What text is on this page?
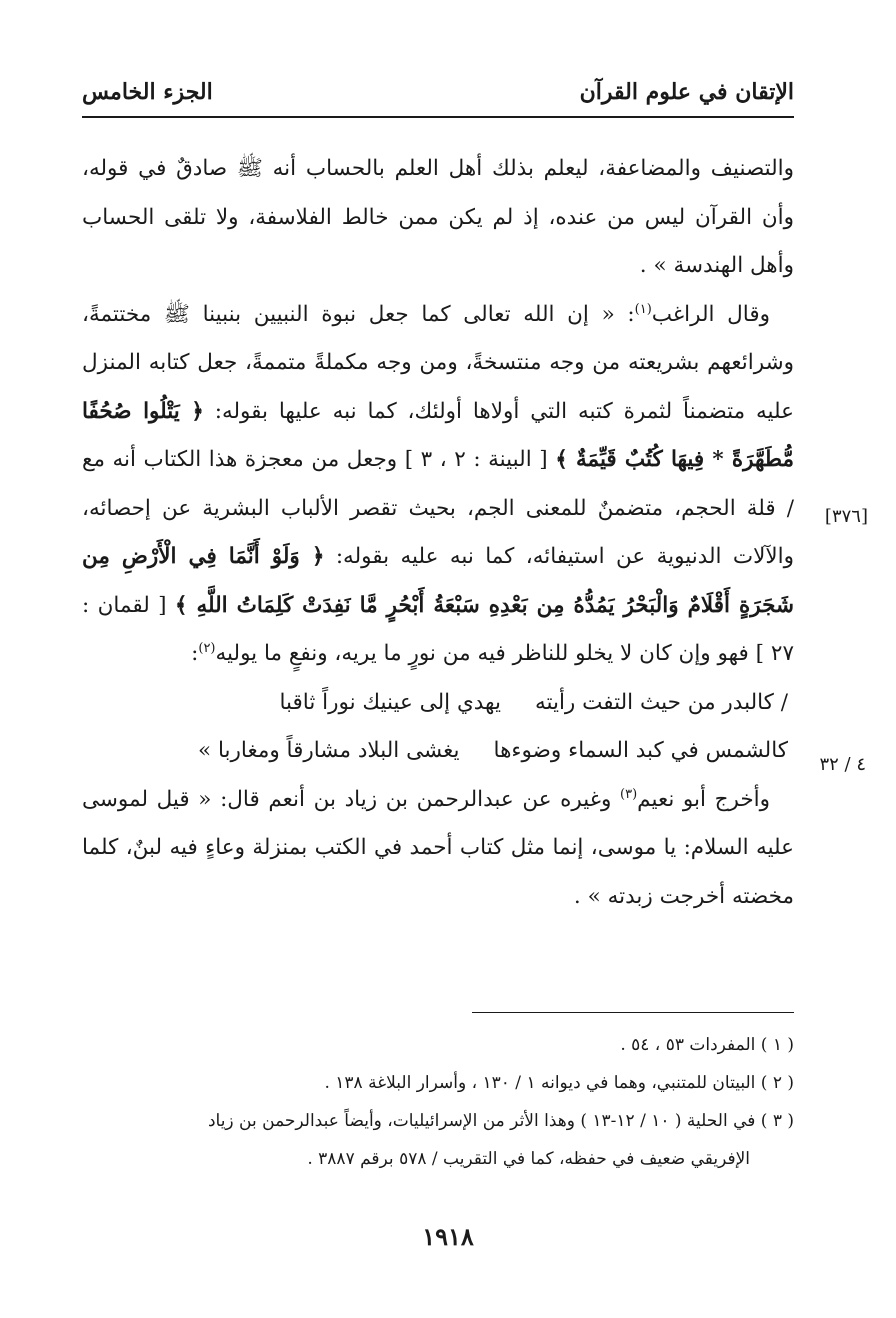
الإتقان في علوم القرآن
الجزء الخامس

والتصنيف والمضاعفة، ليعلم بذلك أهل العلم بالحساب أنه ﷺ صادقٌ في قوله، وأن القرآن ليس من عنده، إذ لم يكن ممن خالط الفلاسفة، ولا تلقى الحساب وأهل الهندسة » .

وقال الراغب$^{(١)}$: « إن الله تعالى كما جعل نبوة النبيين بنبينا ﷺ مختتمةً، وشرائعهم بشريعته من وجه منتسخةً، ومن وجه مكملةً متممةً، جعل كتابه المنزل عليه متضمناً لثمرة كتبه التي أولاها أولئك، كما نبه عليها بقوله: ﴿ يَتْلُوا صُحُفًا مُّطَهَّرَةً * فِيهَا كُتُبٌ قَيِّمَةٌ ﴾ [ البينة : ٢ ، ٣ ] وجعل من معجزة هذا الكتاب أنه مع / قلة الحجم، متضمنٌ للمعنى الجم، بحيث تقصر الألباب البشرية عن إحصائه، والآلات الدنيوية عن استيفائه، كما نبه عليه بقوله: ﴿ وَلَوْ أَنَّمَا فِي الْأَرْضِ مِن شَجَرَةٍ أَقْلَامٌ وَالْبَحْرُ يَمُدُّهُ مِن بَعْدِهِ سَبْعَةُ أَبْحُرٍ مَّا نَفِدَتْ كَلِمَاتُ اللَّهِ ﴾ [ لقمان : ٢٧ ] فهو وإن كان لا يخلو للناظر فيه من نورٍ ما يريه، ونفعٍ ما يوليه$^{(٢)}$:

/ كالبدر من حيث التفت رأيته
يهدي إلى عينيك نوراً ثاقبا
كالشمس في كبد السماء وضوءها
يغشى البلاد مشارقاً ومغاربا »

وأخرج أبو نعيم$^{(٣)}$ وغيره عن عبدالرحمن بن زياد بن أنعم قال: « قيل لموسى عليه السلام: يا موسى، إنما مثل كتاب أحمد في الكتب بمنزلة وعاءٍ فيه لبنٌ، كلما مخضته أخرجت زبدته » .

[٣٧٦]
٤ / ٣٢

( ١ ) المفردات ٥٣ ، ٥٤ .

( ٢ ) البيتان للمتنبي، وهما في ديوانه ١ / ١٣٠ ، وأسرار البلاغة ١٣٨ .

( ٣ ) في الحلية ( ١٠ / ١٢-١٣ ) وهذا الأثر من الإسرائيليات، وأيضاً عبدالرحمن بن زياد

الإفريقي ضعيف في حفظه، كما في التقريب / ٥٧٨ برقم ٣٨٨٧ .

١٩١٨
